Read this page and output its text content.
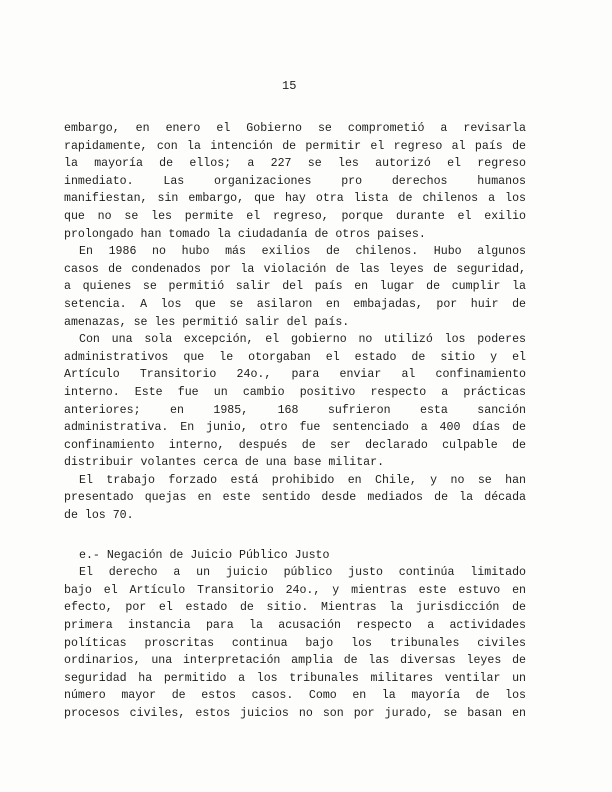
15
embargo, en enero el Gobierno se comprometió a revisarla
rapidamente, con la intención de permitir el regreso al país de
la mayoría de ellos; a 227 se les autorizó el regreso
inmediato. Las organizaciones pro derechos humanos
manifiestan, sin embargo, que hay otra lista de chilenos a los
que no se les permite el regreso, porque durante el exilio
prolongado han tomado la ciudadanía de otros paises.
En 1986 no hubo más exilios de chilenos. Hubo algunos
casos de condenados por la violación de las leyes de seguridad,
a quienes se permitió salir del país en lugar de cumplir la
setencia. A los que se asilaron en embajadas, por huir de
amenazas, se les permitió salir del país.
Con una sola excepción, el gobierno no utilizó los poderes
administrativos que le otorgaban el estado de sitio y el
Artículo Transitorio 24o., para enviar al confinamiento
interno. Este fue un cambio positivo respecto a prácticas
anteriores; en 1985, 168 sufrieron esta sanción
administrativa. En junio, otro fue sentenciado a 400 días de
confinamiento interno, después de ser declarado culpable de
distribuir volantes cerca de una base militar.
El trabajo forzado está prohibido en Chile, y no se han
presentado quejas en este sentido desde mediados de la década
de los 70.
e.- Negación de Juicio Público Justo
El derecho a un juicio público justo continúa limitado
bajo el Artículo Transitorio 24o., y mientras este estuvo en
efecto, por el estado de sitio. Mientras la jurisdicción de
primera instancia para la acusación respecto a actividades
políticas proscritas continua bajo los tribunales civiles
ordinarios, una interpretación amplia de las diversas leyes de
seguridad ha permitido a los tribunales militares ventilar un
número mayor de estos casos. Como en la mayoría de los
procesos civiles, estos juicios no son por jurado, se basan en
